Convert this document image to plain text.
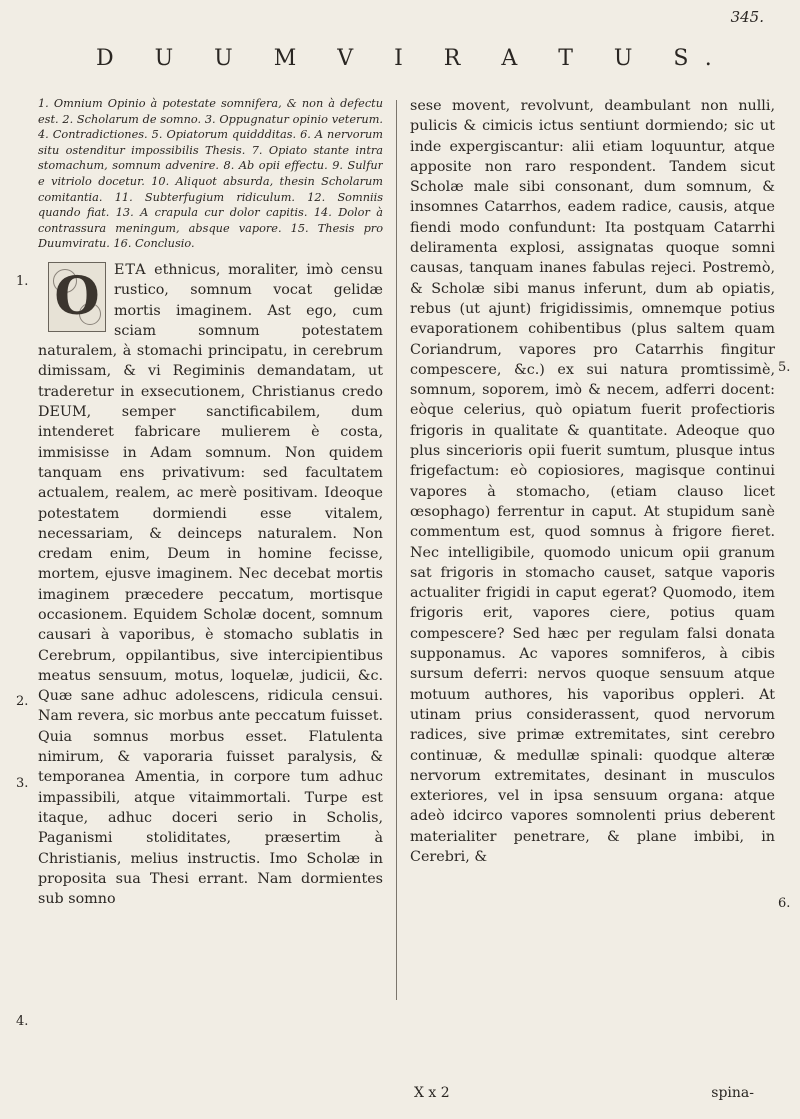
345.
D U U M V I R A T U S.
1.
2.
3.
4.
5.
6.

1. Omnium Opinio à potestate somnifera, & non à defectu est. 2. Scholarum de somno. 3. Oppugnatur opinio veterum. 4. Contradictiones. 5. Opiatorum quiddditas. 6. A nervorum situ ostenditur impossibilis Thesis. 7. Opiato stante intra stomachum, somnum advenire. 8. Ab opii effectu. 9. Sulfur e vitriolo docetur. 10. Aliquot absurda, thesin Scholarum comitantia. 11. Subterfugium ridiculum. 12. Somniis quando fiat. 13. A crapula cur dolor capitis. 14. Dolor à contrassura meningum, absque vapore. 15. Thesis pro Duumviratu. 16. Conclusio.

O	ETA ethnicus, moraliter, imò censu rustico, somnum vocat gelidæ mortis imaginem. Ast ego, cum sciam somnum potestatem naturalem, à stomachi principatu, in cerebrum dimissam, & vi Regiminis demandatam, ut traderetur in exsecutionem, Christianus credo DEUM, semper sanctificabilem, dum intenderet fabricare mulierem è costa, immisisse in Adam somnum. Non quidem tanquam ens privativum: sed facultatem actualem, realem, ac merè positivam. Ideoque potestatem dormiendi esse vitalem, necessariam, & deinceps naturalem. Non credam enim, Deum in homine fecisse, mortem, ejusve imaginem. Nec decebat mortis imaginem præcedere peccatum, mortisque occasionem. Equidem Scholæ docent, somnum causari à vaporibus, è stomacho sublatis in Cerebrum, oppilantibus, sive intercipientibus meatus sensuum, motus, loquelæ, judicii, &c. Quæ sane adhuc adolescens, ridicula censui. Nam revera, sic morbus ante peccatum fuisset. Quia somnus morbus esset. Flatulenta nimirum, & vaporaria fuisset paralysis, & temporanea Amentia, in corpore tum adhuc impassibili, atque vitaimmortali. Turpe est itaque, adhuc doceri serio in Scholis, Paganismi stoliditates, præsertim à Christianis, melius instructis. Imo Scholæ in proposita sua Thesi errant. Nam dormientes sub somno

sese movent, revolvunt, deambulant non nulli, pulicis & cimicis ictus sentiunt dormiendo; sic ut inde expergiscantur: alii etiam loquuntur, atque apposite non raro respondent. Tandem sicut Scholæ male sibi consonant, dum somnum, & insomnes Catarrhos, eadem radice, causis, atque fiendi modo confundunt: Ita postquam Catarrhi deliramenta explosi, assignatas quoque somni causas, tanquam inanes fabulas rejeci. Postremò, & Scholæ sibi manus inferunt, dum ab opiatis, rebus (ut ajunt) frigidissimis, omnemque potius evaporationem cohibentibus (plus saltem quam Coriandrum, vapores pro Catarrhis fingitur compescere, &c.) ex sui natura promtissimè, somnum, soporem, imò & necem, adferri docent: eòque celerius, quò opiatum fuerit profectioris frigoris in qualitate & quantitate. Adeoque quo plus sincerioris opii fuerit sumtum, plusque intus frigefactum: eò copiosiores, magisque continui vapores à stomacho, (etiam clauso licet œsophago) ferrentur in caput. At stupidum sanè commentum est, quod somnus à frigore fieret. Nec intelligibile, quomodo unicum opii granum sat frigoris in stomacho causet, satque vaporis actualiter frigidi in caput egerat? Quomodo, item frigoris erit, vapores ciere, potius quam compescere? Sed hæc per regulam falsi donata supponamus. Ac vapores somniferos, à cibis sursum deferri: nervos quoque sensuum atque motuum authores, his vaporibus oppleri. At utinam prius considerassent, quod nervorum radices, sive primæ extremitates, sint cerebro continuæ, & medullæ spinali: quodque alteræ nervorum extremitates, desinant in musculos exteriores, vel in ipsa sensuum organa: atque adeò idcirco vapores somnolenti prius deberent materialiter penetrare, & plane imbibi, in Cerebri, &

X x 2	spina-
